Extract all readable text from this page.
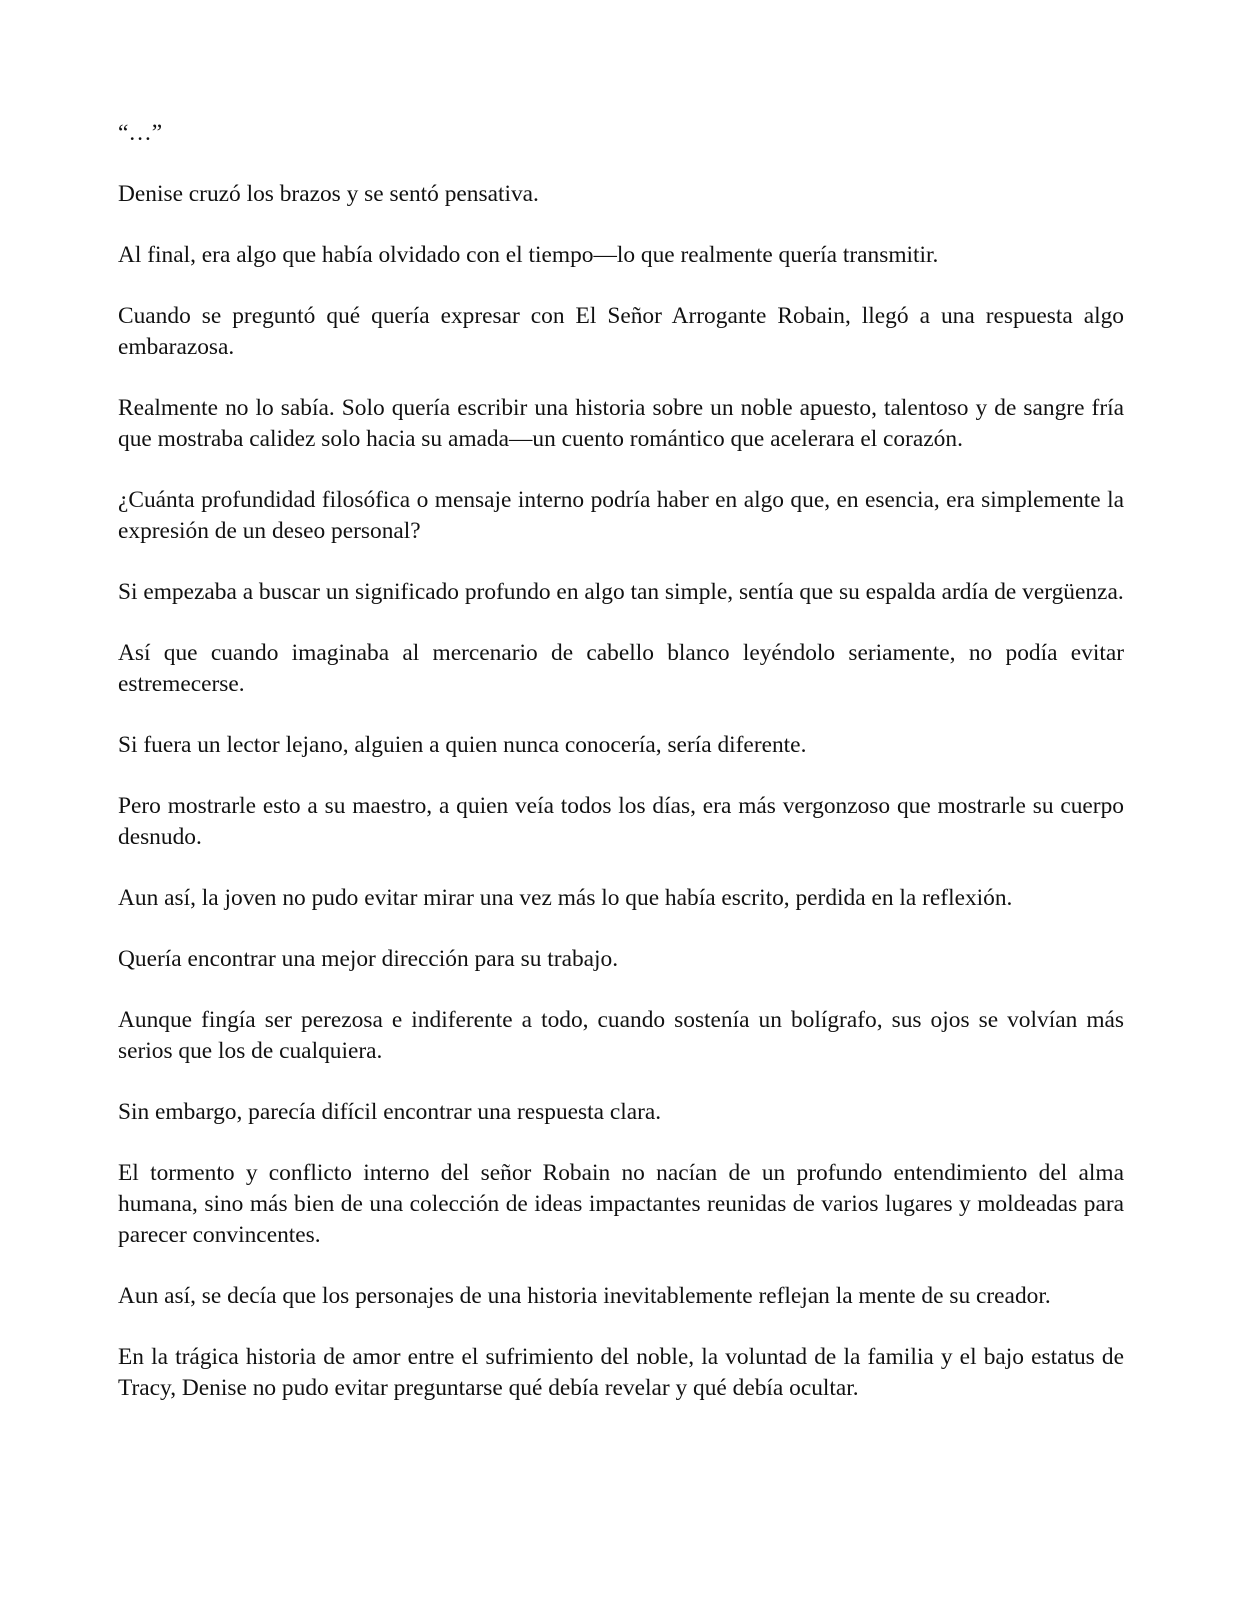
“…”

Denise cruzó los brazos y se sentó pensativa.

Al final, era algo que había olvidado con el tiempo—lo que realmente quería transmitir.

Cuando se preguntó qué quería expresar con El Señor Arrogante Robain, llegó a una respuesta algo embarazosa.

Realmente no lo sabía. Solo quería escribir una historia sobre un noble apuesto, talentoso y de sangre fría que mostraba calidez solo hacia su amada—un cuento romántico que acelerara el corazón.

¿Cuánta profundidad filosófica o mensaje interno podría haber en algo que, en esencia, era simplemente la expresión de un deseo personal?

Si empezaba a buscar un significado profundo en algo tan simple, sentía que su espalda ardía de vergüenza.

Así que cuando imaginaba al mercenario de cabello blanco leyéndolo seriamente, no podía evitar estremecerse.

Si fuera un lector lejano, alguien a quien nunca conocería, sería diferente.

Pero mostrarle esto a su maestro, a quien veía todos los días, era más vergonzoso que mostrarle su cuerpo desnudo.

Aun así, la joven no pudo evitar mirar una vez más lo que había escrito, perdida en la reflexión.

Quería encontrar una mejor dirección para su trabajo.

Aunque fingía ser perezosa e indiferente a todo, cuando sostenía un bolígrafo, sus ojos se volvían más serios que los de cualquiera.

Sin embargo, parecía difícil encontrar una respuesta clara.

El tormento y conflicto interno del señor Robain no nacían de un profundo entendimiento del alma humana, sino más bien de una colección de ideas impactantes reunidas de varios lugares y moldeadas para parecer convincentes.

Aun así, se decía que los personajes de una historia inevitablemente reflejan la mente de su creador.

En la trágica historia de amor entre el sufrimiento del noble, la voluntad de la familia y el bajo estatus de Tracy, Denise no pudo evitar preguntarse qué debía revelar y qué debía ocultar.
